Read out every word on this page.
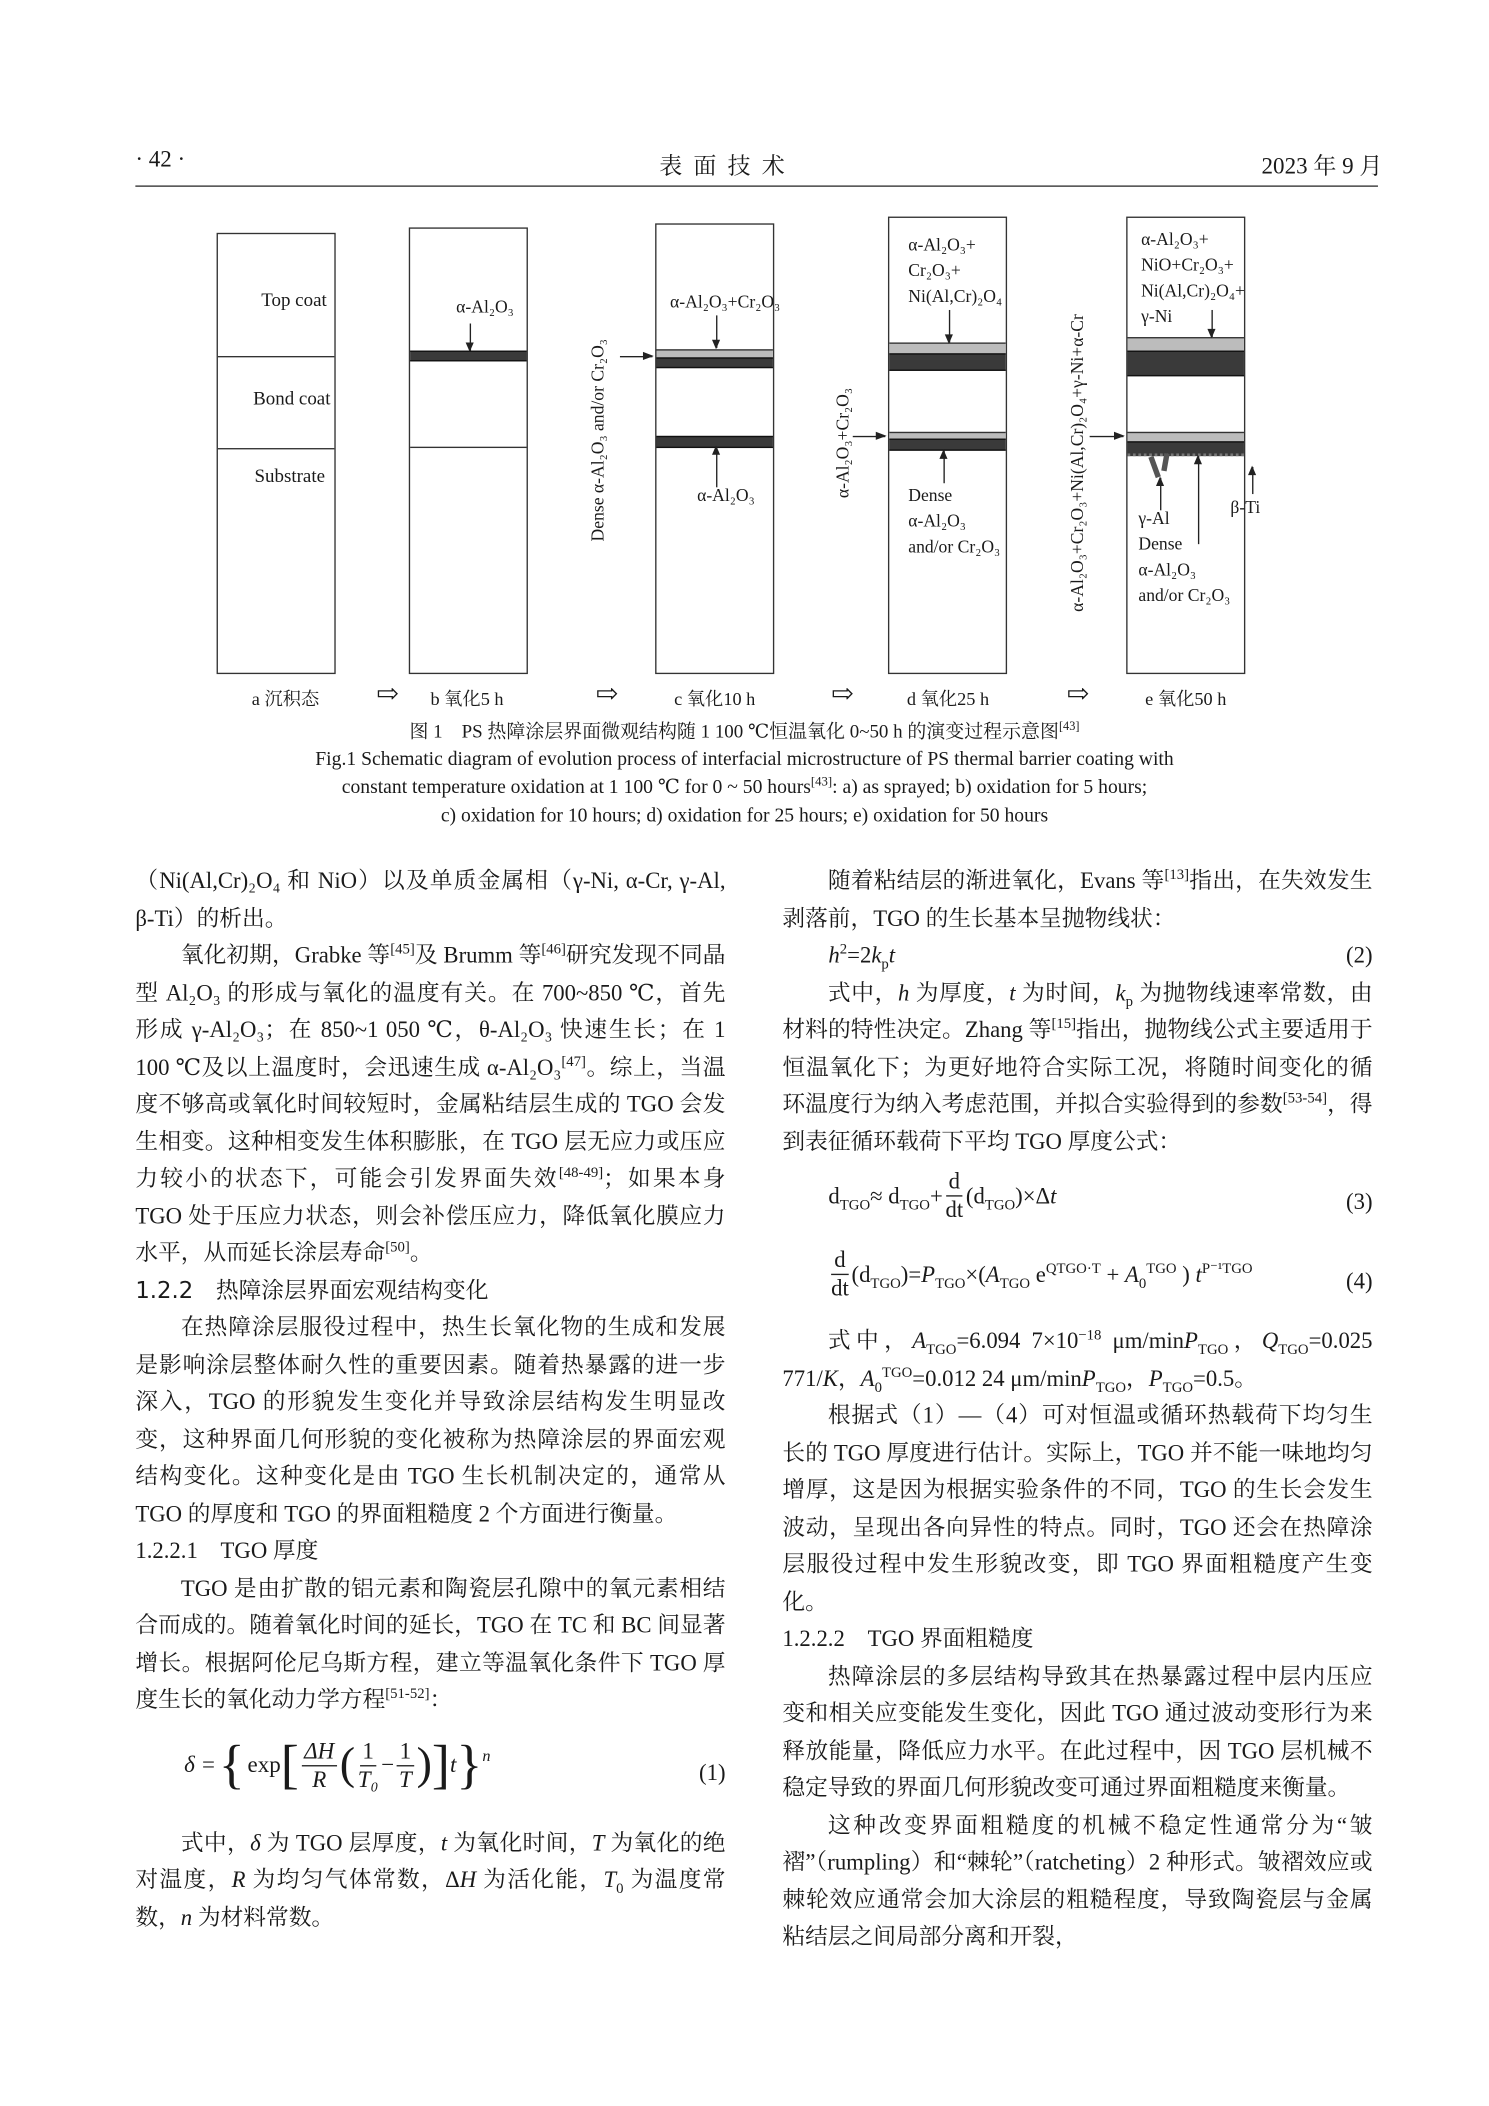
· 42 ·	表 面 技 术	2023 年 9 月
Top coat
Bond coat
Substrate
α-Al₂O₃	α-Al₂O₃+Cr₂O₃
α-Al₂O₃
α-Al₂O₃+
Cr₂O₃+
Ni(Al,Cr)₂O₄
Dense
α-Al₂O₃
and/or Cr₂O₃
α-Al₂O₃+
NiO+Cr₂O₃+
Ni(Al,Cr)₂O₄+
γ-Ni
β-Ti
γ-Al
Dense
α-Al₂O₃
and/or Cr₂O₃
Dense α-Al₂O₃ and/or Cr₂O₃	α-Al₂O₃+Cr₂O₃	α-Al₂O₃+Cr₂O₃+Ni(Al,Cr)₂O₄+γ-Ni+α-Cr
a 沉积态	b 氧化5 h	c 氧化10 h	d 氧化25 h	e 氧化50 h
⇨	⇨	⇨	⇨
图 1　PS 热障涂层界面微观结构随 1 100 ℃恒温氧化 0~50 h 的演变过程示意图[43]
Fig.1 Schematic diagram of evolution process of interfacial microstructure of PS thermal barrier coating with
constant temperature oxidation at 1 100 ℃ for 0 ~ 50 hours[43]: a) as sprayed; b) oxidation for 5 hours;
c) oxidation for 10 hours; d) oxidation for 25 hours; e) oxidation for 50 hours

（Ni(Al,Cr)₂O₄ 和 NiO）以及单质金属相（γ-Ni, α-Cr, γ-Al, β-Ti）的析出。

氧化初期，Grabke 等[45]及 Brumm 等[46]研究发现不同晶型 Al₂O₃ 的形成与氧化的温度有关。在 700~850 ℃，首先形成 γ-Al₂O₃；在 850~1 050 ℃，θ-Al₂O₃ 快速生长；在 1 100 ℃及以上温度时，会迅速生成 α-Al₂O₃[47]。综上，当温度不够高或氧化时间较短时，金属粘结层生成的 TGO 会发生相变。这种相变发生体积膨胀，在 TGO 层无应力或压应力较小的状态下，可能会引发界面失效[48-49]；如果本身 TGO 处于压应力状态，则会补偿压应力，降低氧化膜应力水平，从而延长涂层寿命[50]。

1.2.2　热障涂层界面宏观结构变化

在热障涂层服役过程中，热生长氧化物的生成和发展是影响涂层整体耐久性的重要因素。随着热暴露的进一步深入，TGO 的形貌发生变化并导致涂层结构发生明显改变，这种界面几何形貌的变化被称为热障涂层的界面宏观结构变化。这种变化是由 TGO 生长机制决定的，通常从 TGO 的厚度和 TGO 的界面粗糙度 2 个方面进行衡量。

1.2.2.1　TGO 厚度

TGO 是由扩散的铝元素和陶瓷层孔隙中的氧元素相结合而成的。随着氧化时间的延长，TGO 在 TC 和 BC 间显著增长。根据阿伦尼乌斯方程，建立等温氧化条件下 TGO 厚度生长的氧化动力学方程[51-52]：

δ = { exp [ $\frac{\Delta H}{R}$ ( $\frac{1}{\text{T₀}} - \frac{1}{T}$ ) ] t } n
(1)

式中，δ 为 TGO 层厚度，t 为氧化时间，T 为氧化的绝对温度，R 为均匀气体常数，ΔH 为活化能，$T_0$ 为温度常数，n 为材料常数。

随着粘结层的渐进氧化，Evans 等[13]指出，在失效发生剥落前，TGO 的生长基本呈抛物线状：

$h^2=2k_pt$	(2)

式中，h 为厚度，t 为时间，$k_p$ 为抛物线速率常数，由材料的特性决定。Zhang 等[15]指出，抛物线公式主要适用于恒温氧化下；为更好地符合实际工况，将随时间变化的循环温度行为纳入考虑范围，并拟合实验得到的参数[53-54]，得到表征循环载荷下平均 TGO 厚度公式：

$d_{TGO}\approx d_{TGO}+ \frac{d}{dt} (d_{TGO})\times\Delta t$	(3)
$\frac{d}{dt} (d_{TGO})=P_{TGO}\times(A_{TGO}$ $e^{QTGO\cdot T} + A_0^{TGO}$ ) $t^{P^{-1}TGO}$	(4)

式中，$A_{TGO}=6.094$ $7\times 10^{-18}$ μm/minP$_{TGO}$，$Q_{TGO}=0.025$ 771/K，$A_0^{TGO}=0.012$ 24 μm/minP$_{TGO}$，$P_{TGO}=0.5$。

根据式（1）—（4）可对恒温或循环热载荷下均匀生长的 TGO 厚度进行估计。实际上，TGO 并不能一味地均匀增厚，这是因为根据实验条件的不同，TGO 的生长会发生波动，呈现出各向异性的特点。同时，TGO 还会在热障涂层服役过程中发生形貌改变，即 TGO 界面粗糙度产生变化。

1.2.2.2　TGO 界面粗糙度

热障涂层的多层结构导致其在热暴露过程中层内压应变和相关应变能发生变化，因此 TGO 通过波动变形行为来释放能量，降低应力水平。在此过程中，因 TGO 层机械不稳定导致的界面几何形貌改变可通过界面粗糙度来衡量。

这种改变界面粗糙度的机械不稳定性通常分为“皱褶”（rumpling）和“棘轮”（ratcheting）2 种形式。皱褶效应或棘轮效应通常会加大涂层的粗糙程度，导致陶瓷层与金属粘结层之间局部分离和开裂，
